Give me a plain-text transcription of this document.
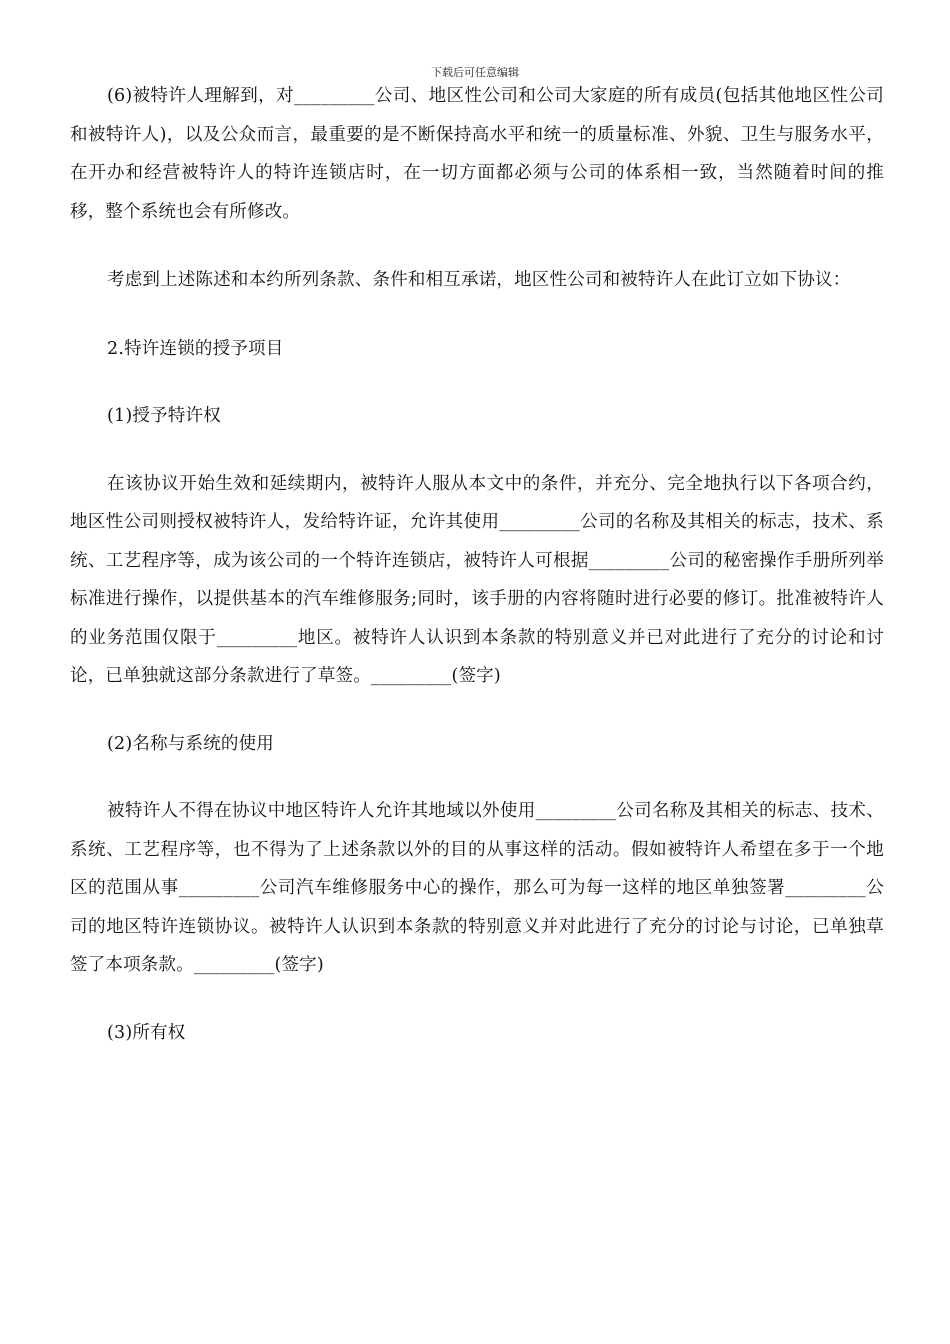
下载后可任意编辑

(6)被特许人理解到，对_________公司、地区性公司和公司大家庭的所有成员(包括其他地区性公司和被特许人)，以及公众而言，最重要的是不断保持高水平和统一的质量标准、外貌、卫生与服务水平，在开办和经营被特许人的特许连锁店时，在一切方面都必须与公司的体系相一致，当然随着时间的推移，整个系统也会有所修改。

考虑到上述陈述和本约所列条款、条件和相互承诺，地区性公司和被特许人在此订立如下协议：

2.特许连锁的授予项目

(1)授予特许权

在该协议开始生效和延续期内，被特许人服从本文中的条件，并充分、完全地执行以下各项合约，地区性公司则授权被特许人，发给特许证，允许其使用_________公司的名称及其相关的标志，技术、系统、工艺程序等，成为该公司的一个特许连锁店，被特许人可根据_________公司的秘密操作手册所列举标准进行操作，以提供基本的汽车维修服务;同时，该手册的内容将随时进行必要的修订。批准被特许人的业务范围仅限于_________地区。被特许人认识到本条款的特别意义并已对此进行了充分的讨论和讨论，已单独就这部分条款进行了草签。_________(签字)

(2)名称与系统的使用

被特许人不得在协议中地区特许人允许其地域以外使用_________公司名称及其相关的标志、技术、系统、工艺程序等，也不得为了上述条款以外的目的从事这样的活动。假如被特许人希望在多于一个地区的范围从事_________公司汽车维修服务中心的操作，那么可为每一这样的地区单独签署_________公司的地区特许连锁协议。被特许人认识到本条款的特别意义并对此进行了充分的讨论与讨论，已单独草签了本项条款。_________(签字)

(3)所有权
